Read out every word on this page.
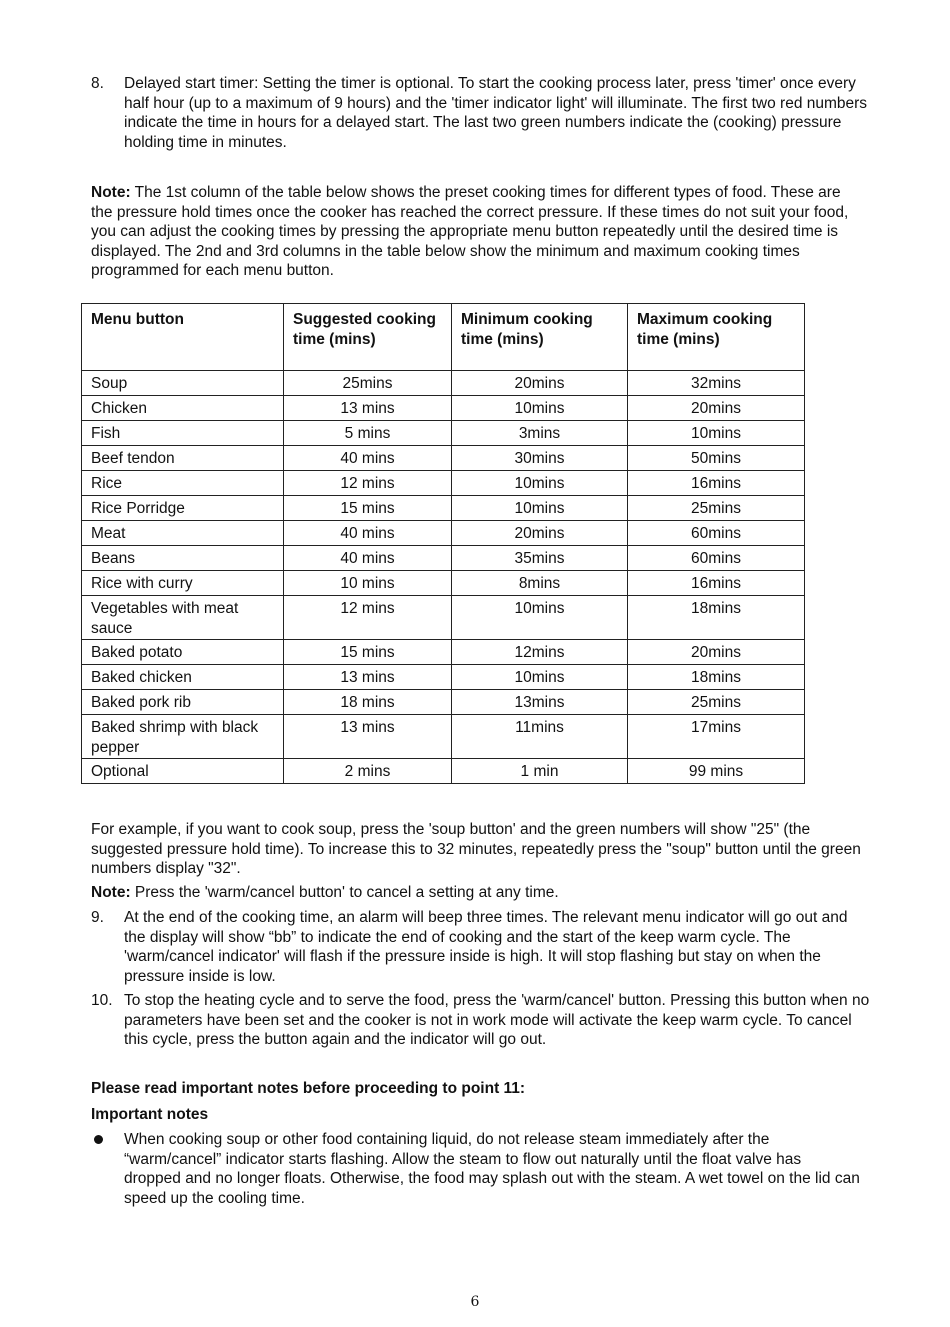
8. Delayed start timer: Setting the timer is optional. To start the cooking process later, press 'timer' once every half hour (up to a maximum of 9 hours) and the 'timer indicator light' will illuminate. The first two red numbers indicate the time in hours for a delayed start. The last two green numbers indicate the (cooking) pressure holding time in minutes.
Note: The 1st column of the table below shows the preset cooking times for different types of food. These are the pressure hold times once the cooker has reached the correct pressure. If these times do not suit your food, you can adjust the cooking times by pressing the appropriate menu button repeatedly until the desired time is displayed. The 2nd and 3rd columns in the table below show the minimum and maximum cooking times programmed for each menu button.
Menu button	Suggested cooking time (mins)	Minimum cooking time (mins)	Maximum cooking time (mins)
Soup	25mins	20mins	32mins
Chicken	13 mins	10mins	20mins
Fish	5 mins	3mins	10mins
Beef tendon	40 mins	30mins	50mins
Rice	12 mins	10mins	16mins
Rice Porridge	15 mins	10mins	25mins
Meat	40 mins	20mins	60mins
Beans	40 mins	35mins	60mins
Rice with curry	10 mins	8mins	16mins
Vegetables with meat sauce	12 mins	10mins	18mins
Baked potato	15 mins	12mins	20mins
Baked chicken	13 mins	10mins	18mins
Baked pork rib	18 mins	13mins	25mins
Baked shrimp with black pepper	13 mins	11mins	17mins
Optional	2 mins	1 min	99 mins
For example, if you want to cook soup, press the 'soup button' and the green numbers will show "25" (the suggested pressure hold time). To increase this to 32 minutes, repeatedly press the "soup" button until the green numbers display "32".
Note: Press the 'warm/cancel button' to cancel a setting at any time.
9. At the end of the cooking time, an alarm will beep three times. The relevant menu indicator will go out and the display will show “bb” to indicate the end of cooking and the start of the keep warm cycle. The 'warm/cancel indicator' will flash if the pressure inside is high. It will stop flashing but stay on when the pressure inside is low.
10. To stop the heating cycle and to serve the food, press the 'warm/cancel' button. Pressing this button when no parameters have been set and the cooker is not in work mode will activate the keep warm cycle. To cancel this cycle, press the button again and the indicator will go out.
Please read important notes before proceeding to point 11:
Important notes
When cooking soup or other food containing liquid, do not release steam immediately after the “warm/cancel” indicator starts flashing. Allow the steam to flow out naturally until the float valve has dropped and no longer floats. Otherwise, the food may splash out with the steam. A wet towel on the lid can speed up the cooling time.
6
